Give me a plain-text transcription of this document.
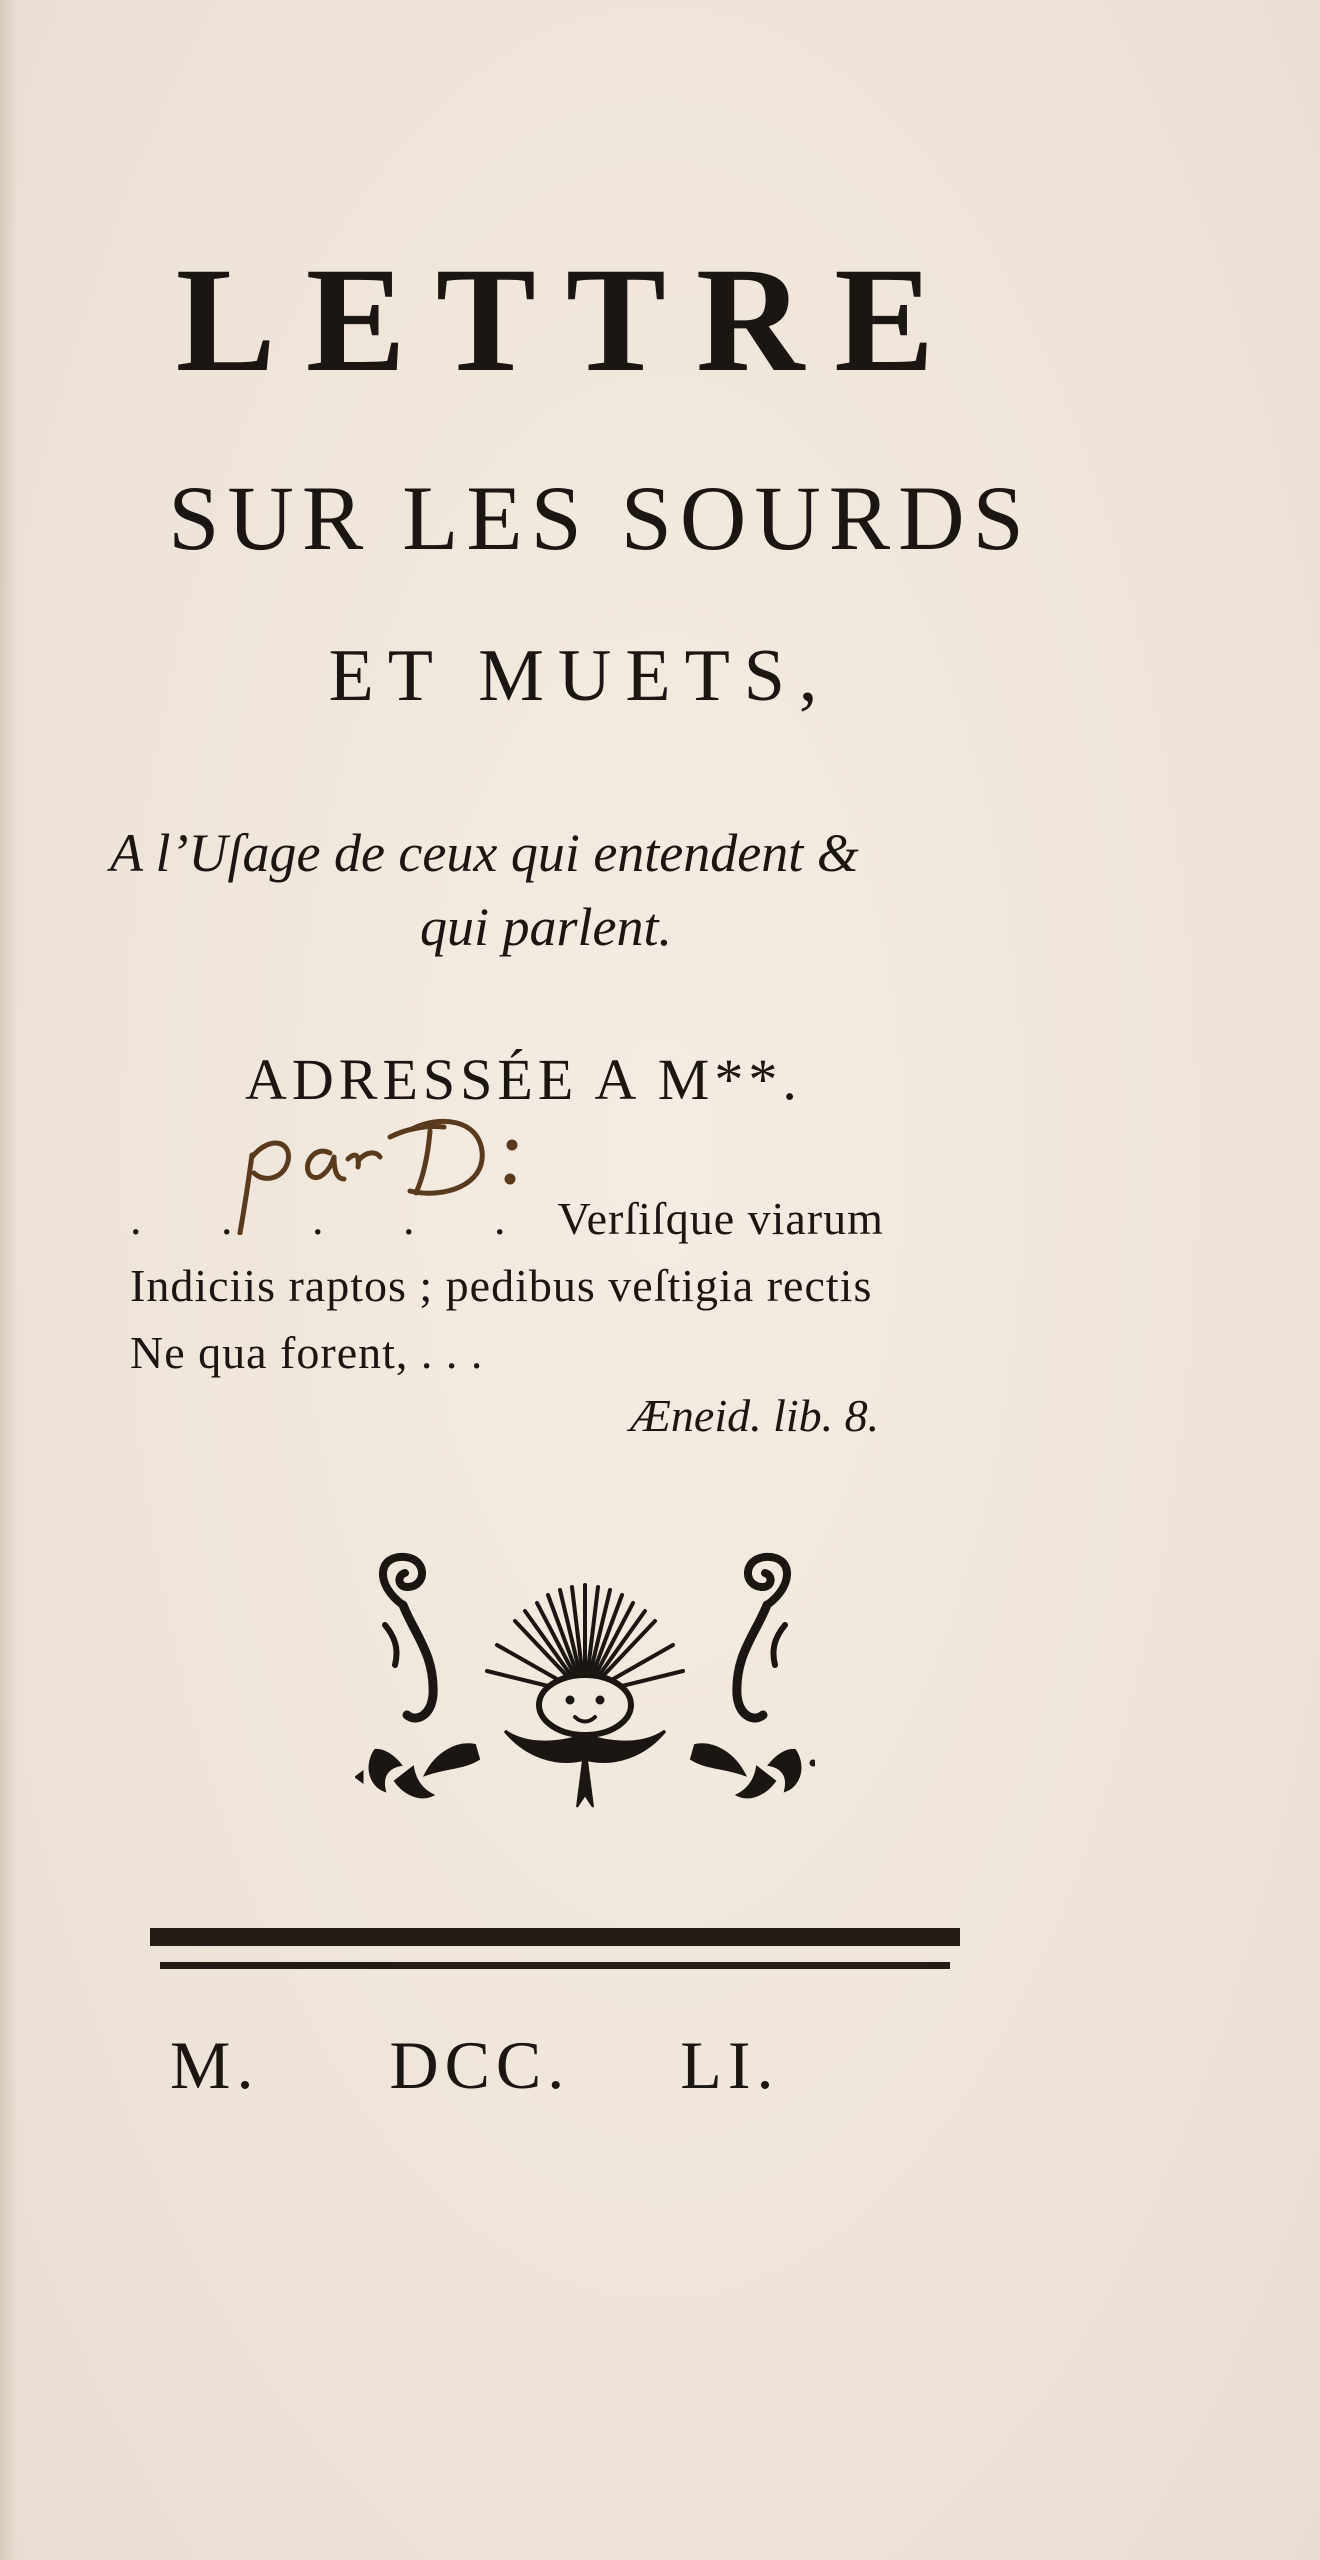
LETTRE
SUR LES SOURDS
ET MUETS,
A l’Uſage de ceux qui entendent &
qui parlent.
ADRESSÉE A M**.
. . . . . Verſiſque viarum
Indiciis raptos ; pedibus veſtigia rectis
Ne qua forent, . . .
Æneid. lib. 8.
M. DCC. LI.
